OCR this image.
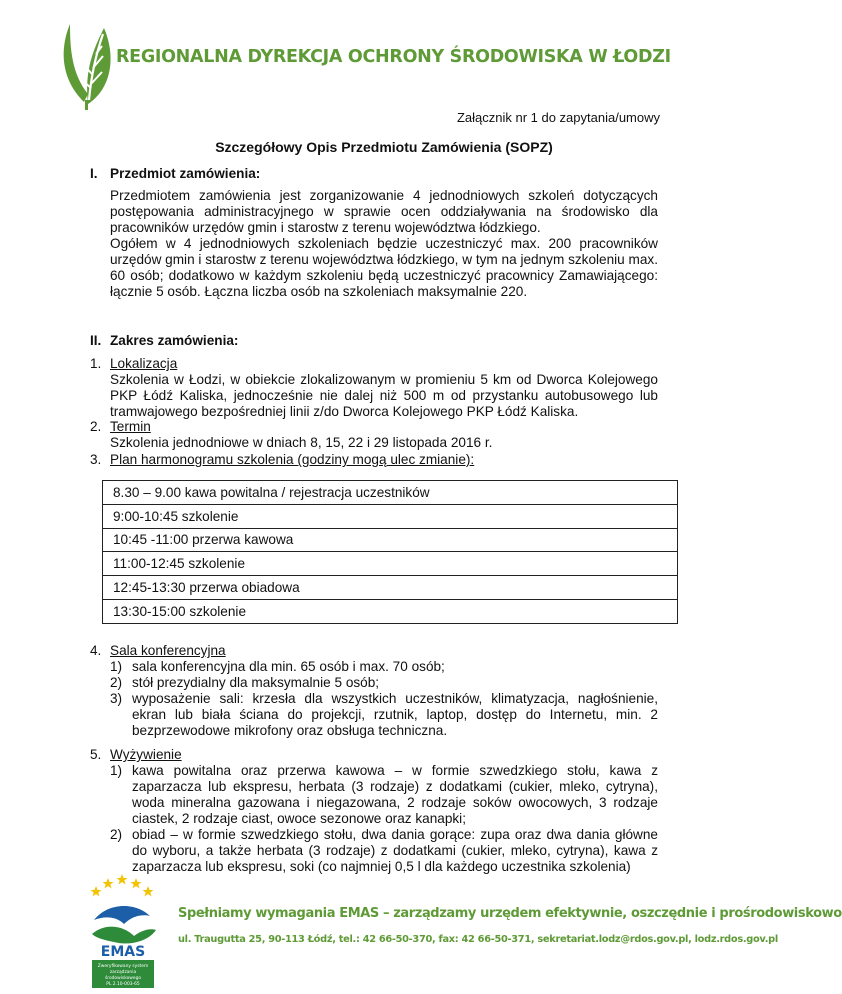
REGIONALNA DYREKCJA OCHRONY ŚRODOWISKA W ŁODZI
Załącznik nr 1 do zapytania/umowy
Szczegółowy Opis Przedmiotu Zamówienia (SOPZ)
I. Przedmiot zamówienia:

Przedmiotem zamówienia jest zorganizowanie 4 jednodniowych szkoleń dotyczących postępowania administracyjnego w sprawie ocen oddziaływania na środowisko dla pracowników urzędów gmin i starostw z terenu województwa łódzkiego.

Ogółem w 4 jednodniowych szkoleniach będzie uczestniczyć max. 200 pracowników urzędów gmin i starostw z terenu województwa łódzkiego, w tym na jednym szkoleniu max. 60 osób; dodatkowo w każdym szkoleniu będą uczestniczyć pracownicy Zamawiającego: łącznie 5 osób. Łączna liczba osób na szkoleniach maksymalnie 220.

II. Zakres zamówienia:
1. Lokalizacja
Szkolenia w Łodzi, w obiekcie zlokalizowanym w promieniu 5 km od Dworca Kolejowego PKP Łódź Kaliska, jednocześnie nie dalej niż 500 m od przystanku autobusowego lub tramwajowego bezpośredniej linii z/do Dworca Kolejowego PKP Łódź Kaliska.
2. Termin
Szkolenia jednodniowe w dniach 8, 15, 22 i 29 listopada 2016 r.
3. Plan harmonogramu szkolenia (godziny mogą ulec zmianie):
8.30 – 9.00 kawa powitalna / rejestracja uczestników
9:00-10:45 szkolenie
10:45 -11:00 przerwa kawowa
11:00-12:45 szkolenie
12:45-13:30 przerwa obiadowa
13:30-15:00 szkolenie
4. Sala konferencyjna
1) sala konferencyjna dla min. 65 osób i max. 70 osób;
2) stół prezydialny dla maksymalnie 5 osób;
3) wyposażenie sali: krzesła dla wszystkich uczestników, klimatyzacja, nagłośnienie, ekran lub biała ściana do projekcji, rzutnik, laptop, dostęp do Internetu, min. 2 bezprzewodowe mikrofony oraz obsługa techniczna.
5. Wyżywienie
1) kawa powitalna oraz przerwa kawowa – w formie szwedzkiego stołu, kawa z zaparzacza lub ekspresu, herbata (3 rodzaje) z dodatkami (cukier, mleko, cytryna), woda mineralna gazowana i niegazowana, 2 rodzaje soków owocowych, 3 rodzaje ciastek, 2 rodzaje ciast, owoce sezonowe oraz kanapki;
2) obiad – w formie szwedzkiego stołu, dwa dania gorące: zupa oraz dwa dania główne do wyboru, a także herbata (3 rodzaje) z dodatkami (cukier, mleko, cytryna), kawa z zaparzacza lub ekspresu, soki (co najmniej 0,5 l dla każdego uczestnika szkolenia)
EMAS
Zweryfikowany system
zarządzania
środowiskowego
PL 2.10-003-65
Spełniamy wymagania EMAS – zarządzamy urzędem efektywnie, oszczędnie i prośrodowiskowo
ul. Traugutta 25, 90-113 Łódź, tel.: 42 66-50-370, fax: 42 66-50-371, sekretariat.lodz@rdos.gov.pl, lodz.rdos.gov.pl
